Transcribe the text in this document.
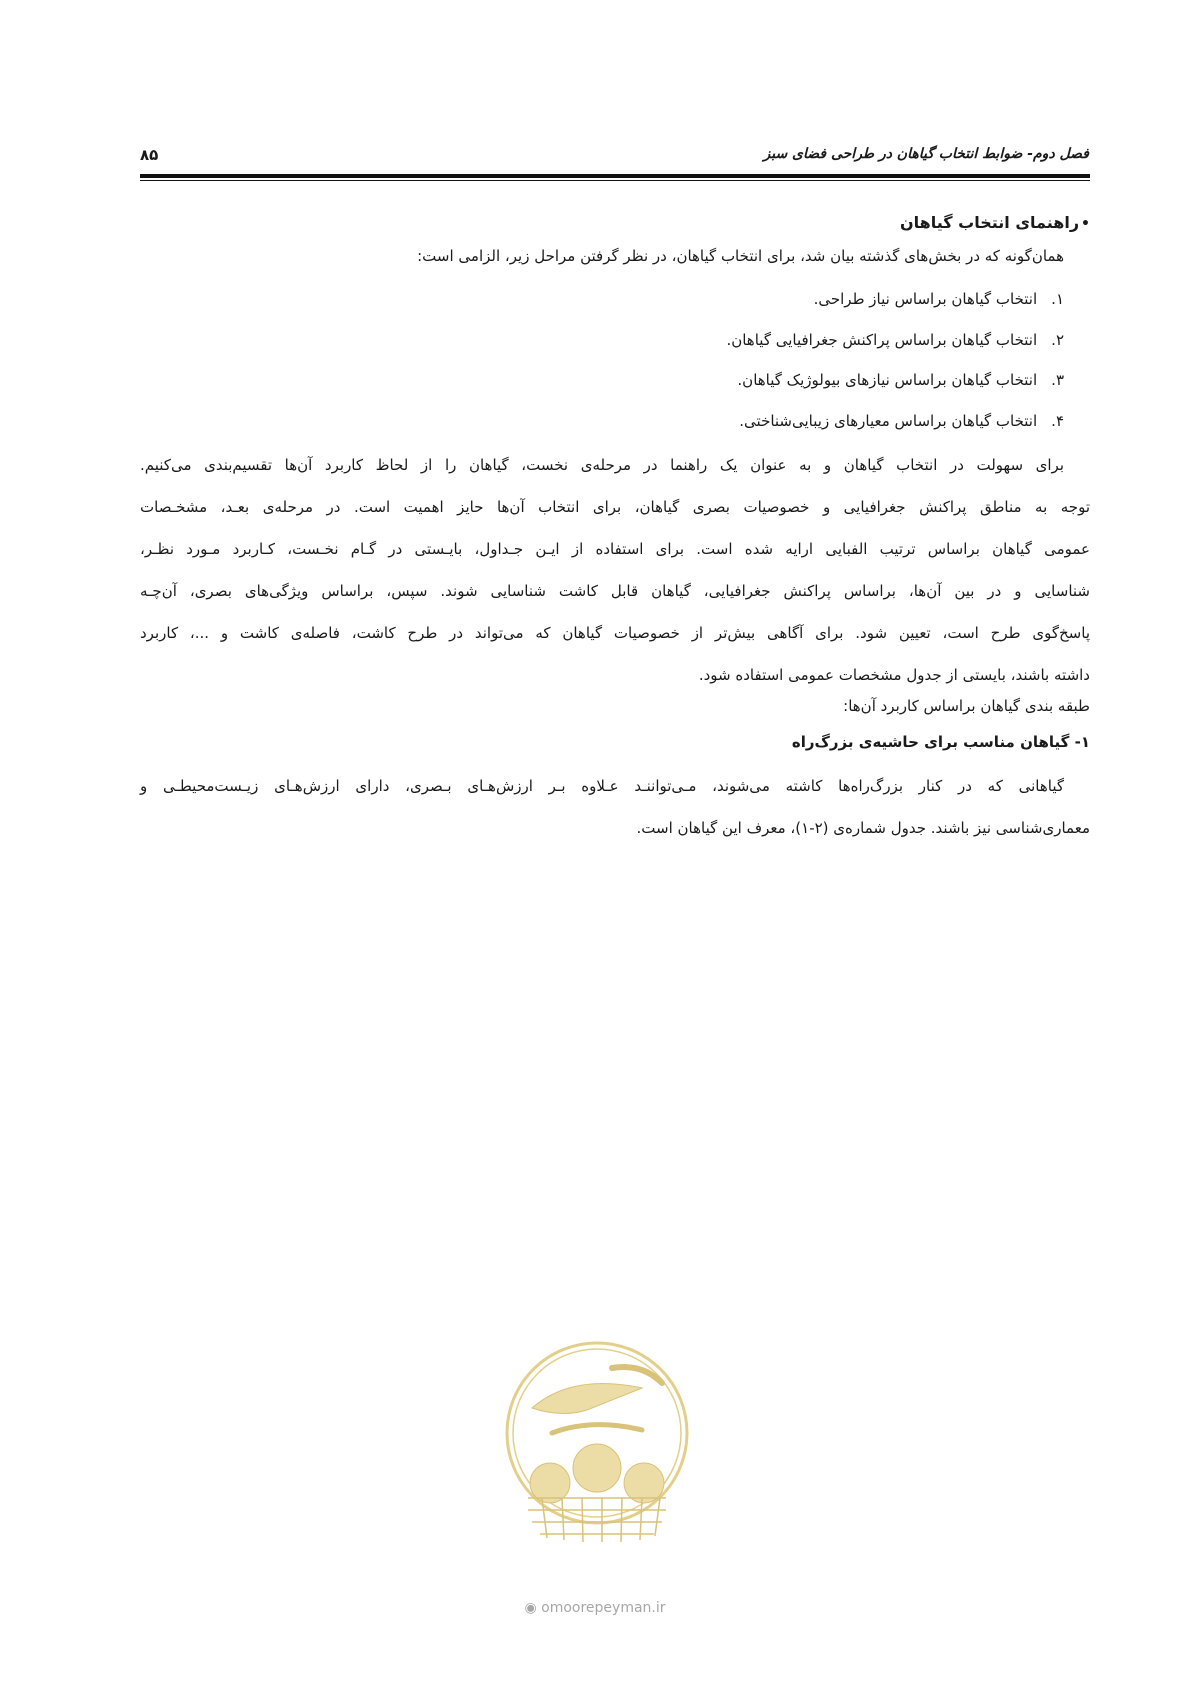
فصل دوم- ضوابط انتخاب گیاهان در طراحی فضای سبز
۸۵
•راهنمای انتخاب گیاهان
همان‌گونه که در بخش‌های گذشته بیان شد، برای انتخاب گیاهان، در نظر گرفتن مراحل زیر، الزامی است:
۱.انتخاب گیاهان براساس نیاز طراحی.
۲.انتخاب گیاهان براساس پراکنش جغرافیایی گیاهان.
۳.انتخاب گیاهان براساس نیازهای بیولوژیک گیاهان.
۴.انتخاب گیاهان براساس معیارهای زیبایی‌شناختی.

برای سهولت در انتخاب گیاهان و به عنوان یک راهنما در مرحله‌ی نخست، گیاهان را از لحاظ کاربرد آن‌ها تقسیم‌بندی می‌کنیم.

توجه به مناطق پراکنش جغرافیایی و خصوصیات بصری گیاهان، برای انتخاب آن‌ها حایز اهمیت است. در مرحله‌ی بعـد، مشخـصات

عمومی گیاهان براساس ترتیب الفبایی ارایه شده است. برای استفاده از ایـن جـداول، بایـستی در گـام نخـست، کـاربرد مـورد نظـر،

شناسایی و در بین آن‌ها، براساس پراکنش جغرافیایی، گیاهان قابل کاشت شناسایی شوند. سپس، براساس ویژگی‌های بصری، آن‌چـه

پاسخ‌گوی طرح است، تعیین شود. برای آگاهی بیش‌تر از خصوصیات گیاهان که می‌تواند در طرح کاشت، فاصله‌ی کاشت و ...، کاربرد

داشته باشند، بایستی از جدول مشخصات عمومی استفاده شود.

طبقه بندی گیاهان براساس کاربرد آن‌ها:
۱- گیاهان مناسب برای حاشیه‌ی بزرگ‌راه

گیاهانی که در کنار بزرگ‌راه‌ها کاشته می‌شوند، مـی‌تواننـد عـلاوه بـر ارزش‌هـای بـصری، دارای ارزش‌هـای زیـست‌محیطـی و

معماری‌شناسی نیز باشند. جدول شماره‌ی (۲-۱)، معرف این گیاهان است.

◉ omoorepeyman.ir
